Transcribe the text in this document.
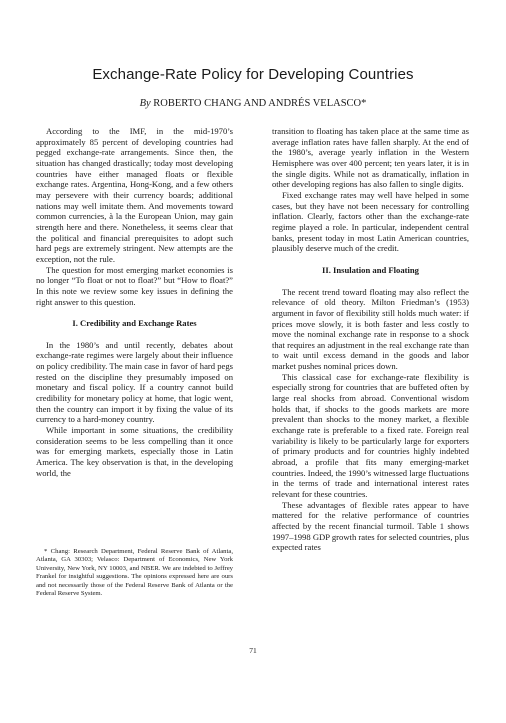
Exchange-Rate Policy for Developing Countries
By ROBERTO CHANG AND ANDRÉS VELASCO*

According to the IMF, in the mid-1970’s approximately 85 percent of developing countries had pegged exchange-rate arrangements. Since then, the situation has changed drastically; today most developing countries have either managed floats or flexible exchange rates. Argentina, Hong-Kong, and a few others may persevere with their currency boards; additional nations may well imitate them. And movements toward common currencies, à la the European Union, may gain strength here and there. Nonetheless, it seems clear that the political and financial prerequisites to adopt such hard pegs are extremely stringent. New attempts are the exception, not the rule.

The question for most emerging market economies is no longer “To float or not to float?” but “How to float?” In this note we review some key issues in defining the right answer to this question.

I. Credibility and Exchange Rates

In the 1980’s and until recently, debates about exchange-rate regimes were largely about their influence on policy credibility. The main case in favor of hard pegs rested on the discipline they presumably imposed on monetary and fiscal policy. If a country cannot build credibility for monetary policy at home, that logic went, then the country can import it by fixing the value of its currency to a hard-money country.

While important in some situations, the credibility consideration seems to be less compelling than it once was for emerging markets, especially those in Latin America. The key observation is that, in the developing world, the

* Chang: Research Department, Federal Reserve Bank of Atlanta, Atlanta, GA 30303; Velasco: Department of Economics, New York University, New York, NY 10003, and NBER. We are indebted to Jeffrey Frankel for insightful suggestions. The opinions expressed here are ours and not necessarily those of the Federal Reserve Bank of Atlanta or the Federal Reserve System.

transition to floating has taken place at the same time as average inflation rates have fallen sharply. At the end of the 1980’s, average yearly inflation in the Western Hemisphere was over 400 percent; ten years later, it is in the single digits. While not as dramatically, inflation in other developing regions has also fallen to single digits.

Fixed exchange rates may well have helped in some cases, but they have not been necessary for controlling inflation. Clearly, factors other than the exchange-rate regime played a role. In particular, independent central banks, present today in most Latin American countries, plausibly deserve much of the credit.

II. Insulation and Floating

The recent trend toward floating may also reflect the relevance of old theory. Milton Friedman’s (1953) argument in favor of flexibility still holds much water: if prices move slowly, it is both faster and less costly to move the nominal exchange rate in response to a shock that requires an adjustment in the real exchange rate than to wait until excess demand in the goods and labor market pushes nominal prices down.

This classical case for exchange-rate flexibility is especially strong for countries that are buffeted often by large real shocks from abroad. Conventional wisdom holds that, if shocks to the goods markets are more prevalent than shocks to the money market, a flexible exchange rate is preferable to a fixed rate. Foreign real variability is likely to be particularly large for exporters of primary products and for countries highly indebted abroad, a profile that fits many emerging-market countries. Indeed, the 1990’s witnessed large fluctuations in the terms of trade and international interest rates relevant for these countries.

These advantages of flexible rates appear to have mattered for the relative performance of countries affected by the recent financial turmoil. Table 1 shows 1997–1998 GDP growth rates for selected countries, plus expected rates

71
